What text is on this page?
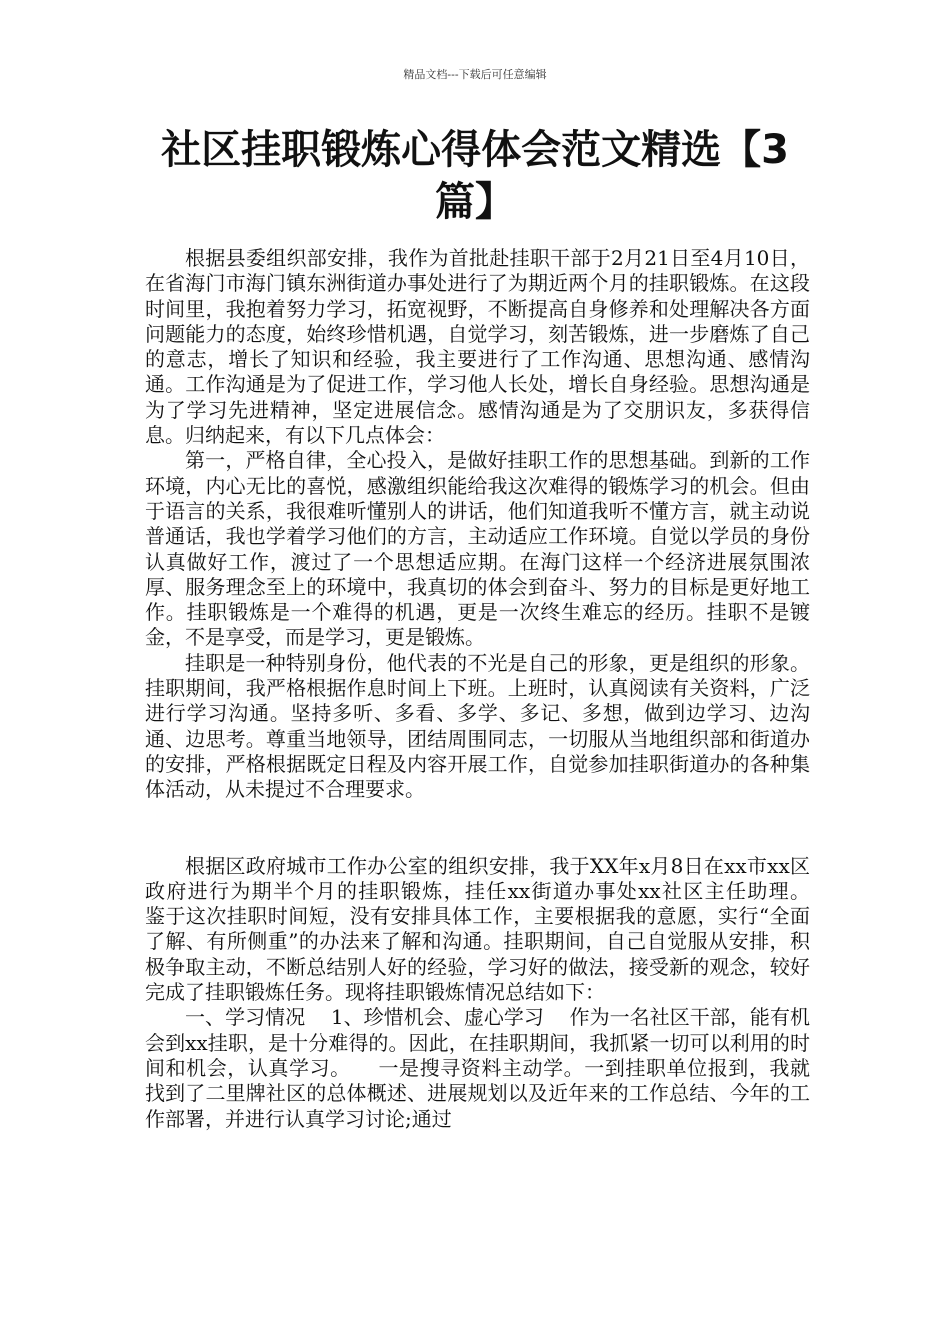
精品文档---下载后可任意编辑
社区挂职锻炼心得体会范文精选【3篇】

根据县委组织部安排，我作为首批赴挂职干部于2月21日至4月10日，在省海门市海门镇东洲街道办事处进行了为期近两个月的挂职锻炼。在这段时间里，我抱着努力学习，拓宽视野，不断提高自身修养和处理解决各方面问题能力的态度，始终珍惜机遇，自觉学习，刻苦锻炼，进一步磨炼了自己的意志，增长了知识和经验，我主要进行了工作沟通、思想沟通、感情沟通。工作沟通是为了促进工作，学习他人长处，增长自身经验。思想沟通是为了学习先进精神，坚定进展信念。感情沟通是为了交朋识友，多获得信息。归纳起来，有以下几点体会：

第一，严格自律，全心投入，是做好挂职工作的思想基础。到新的工作环境，内心无比的喜悦，感激组织能给我这次难得的锻炼学习的机会。但由于语言的关系，我很难听懂别人的讲话，他们知道我听不懂方言，就主动说普通话，我也学着学习他们的方言，主动适应工作环境。自觉以学员的身份认真做好工作，渡过了一个思想适应期。在海门这样一个经济进展氛围浓厚、服务理念至上的环境中，我真切的体会到奋斗、努力的目标是更好地工作。挂职锻炼是一个难得的机遇，更是一次终生难忘的经历。挂职不是镀金，不是享受，而是学习，更是锻炼。

挂职是一种特别身份，他代表的不光是自己的形象，更是组织的形象。挂职期间，我严格根据作息时间上下班。上班时，认真阅读有关资料，广泛进行学习沟通。坚持多听、多看、多学、多记、多想，做到边学习、边沟通、边思考。尊重当地领导，团结周围同志，一切服从当地组织部和街道办的安排，严格根据既定日程及内容开展工作，自觉参加挂职街道办的各种集体活动，从未提过不合理要求。

根据区政府城市工作办公室的组织安排，我于XX年x月8日在xx市xx区政府进行为期半个月的挂职锻炼，挂任xx街道办事处xx社区主任助理。    鉴于这次挂职时间短，没有安排具体工作，主要根据我的意愿，实行“全面了解、有所侧重”的办法来了解和沟通。挂职期间，自己自觉服从安排，积极争取主动，不断总结别人好的经验，学习好的做法，接受新的观念，较好完成了挂职锻炼任务。现将挂职锻炼情况总结如下：

一、学习情况    1、珍惜机会、虚心学习    作为一名社区干部，能有机会到xx挂职，是十分难得的。因此，在挂职期间，我抓紧一切可以利用的时间和机会，认真学习。    一是搜寻资料主动学。一到挂职单位报到，我就找到了二里牌社区的总体概述、进展规划以及近年来的工作总结、今年的工作部署，并进行认真学习讨论;通过
